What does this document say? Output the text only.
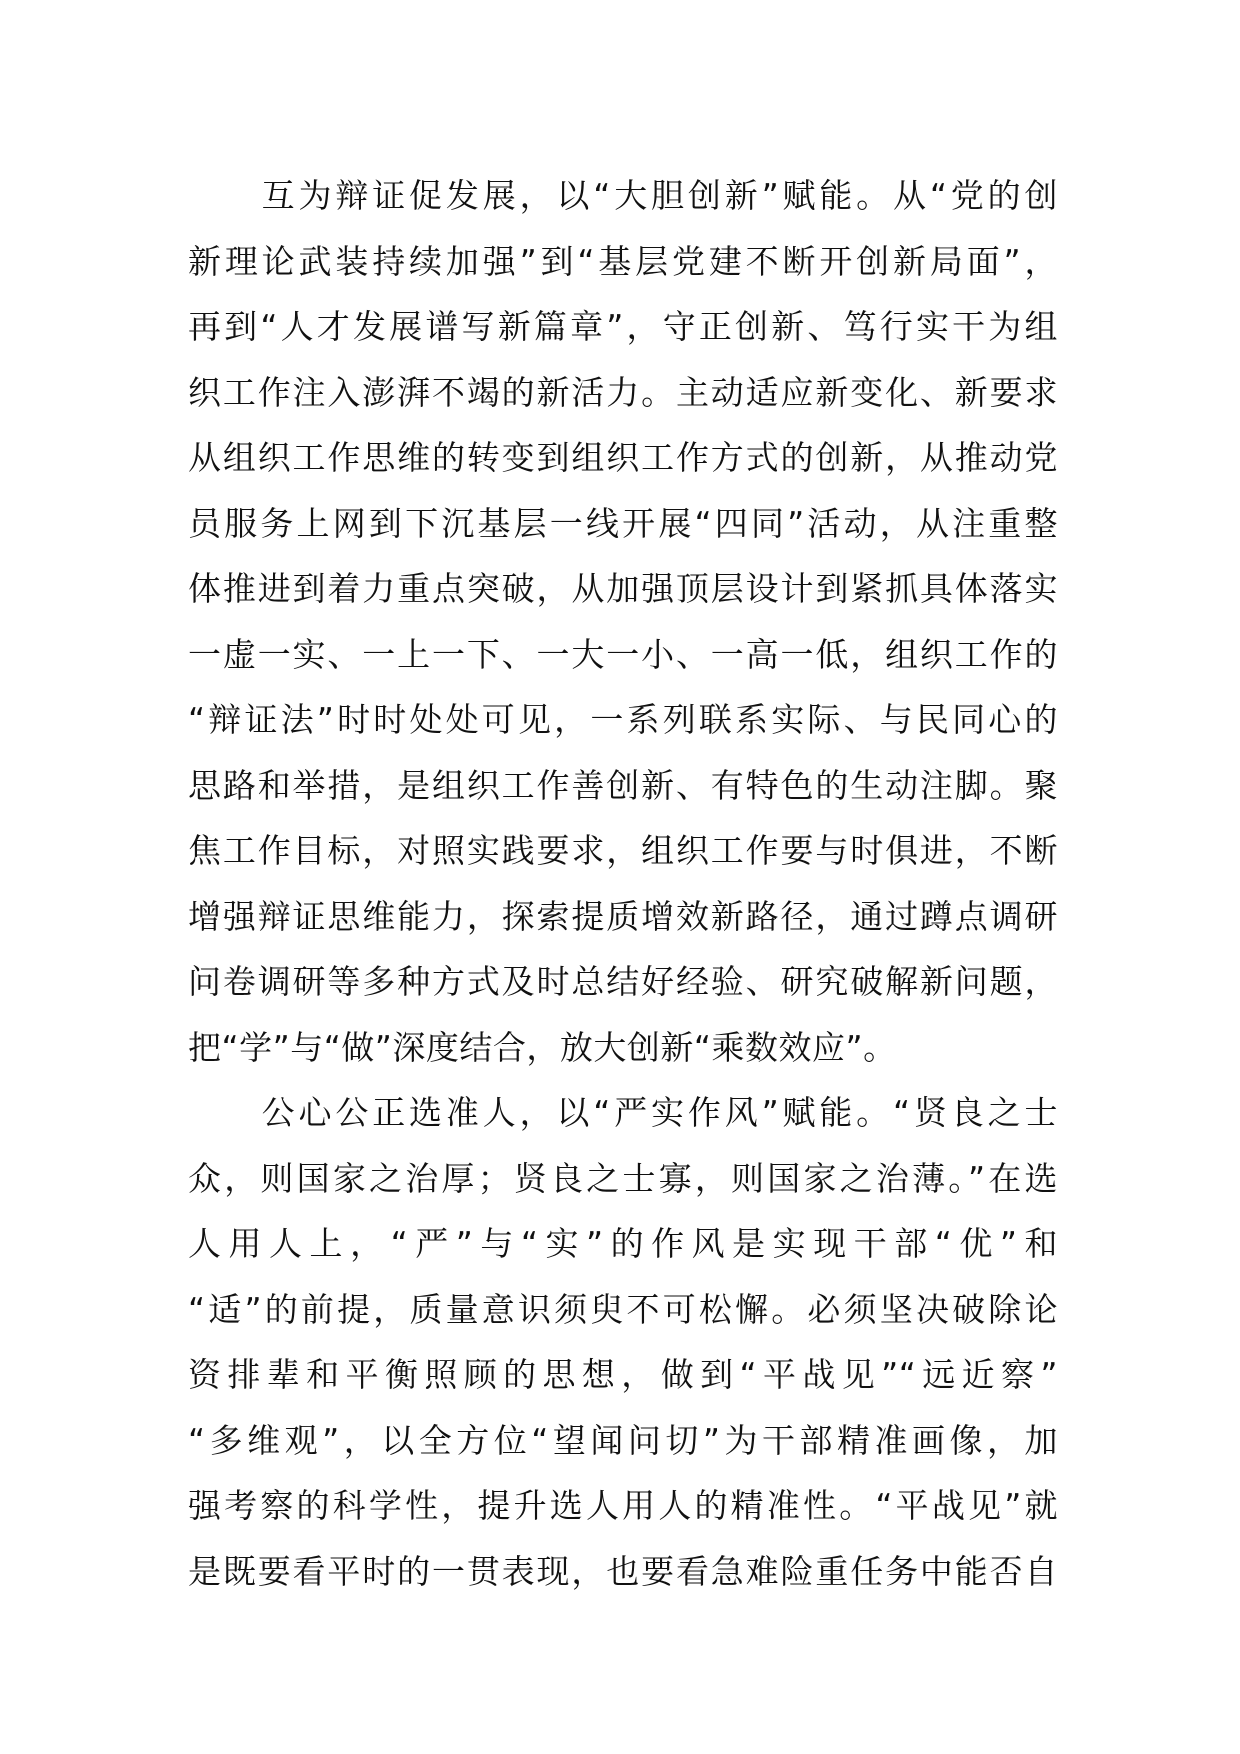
　　互为辩证促发展，以“大胆创新”赋能。从“党的创
新理论武装持续加强”到“基层党建不断开创新局面”，
再到“人才发展谱写新篇章”，守正创新、笃行实干为组
织工作注入澎湃不竭的新活力。主动适应新变化、新要求
从组织工作思维的转变到组织工作方式的创新，从推动党
员服务上网到下沉基层一线开展“四同”活动，从注重整
体推进到着力重点突破，从加强顶层设计到紧抓具体落实
一虚一实、一上一下、一大一小、一高一低，组织工作的
“辩证法”时时处处可见，一系列联系实际、与民同心的
思路和举措，是组织工作善创新、有特色的生动注脚。聚
焦工作目标，对照实践要求，组织工作要与时俱进，不断
增强辩证思维能力，探索提质增效新路径，通过蹲点调研
问卷调研等多种方式及时总结好经验、研究破解新问题，
把“学”与“做”深度结合，放大创新“乘数效应”。
　　公心公正选准人，以“严实作风”赋能。“贤良之士
众，则国家之治厚；贤良之士寡，则国家之治薄。”在选
人用人上，“严”与“实”的作风是实现干部“优”和
“适”的前提，质量意识须臾不可松懈。必须坚决破除论
资排辈和平衡照顾的思想，做到“平战见”“远近察”
“多维观”，以全方位“望闻问切”为干部精准画像，加
强考察的科学性，提升选人用人的精准性。“平战见”就
是既要看平时的一贯表现，也要看急难险重任务中能否自
